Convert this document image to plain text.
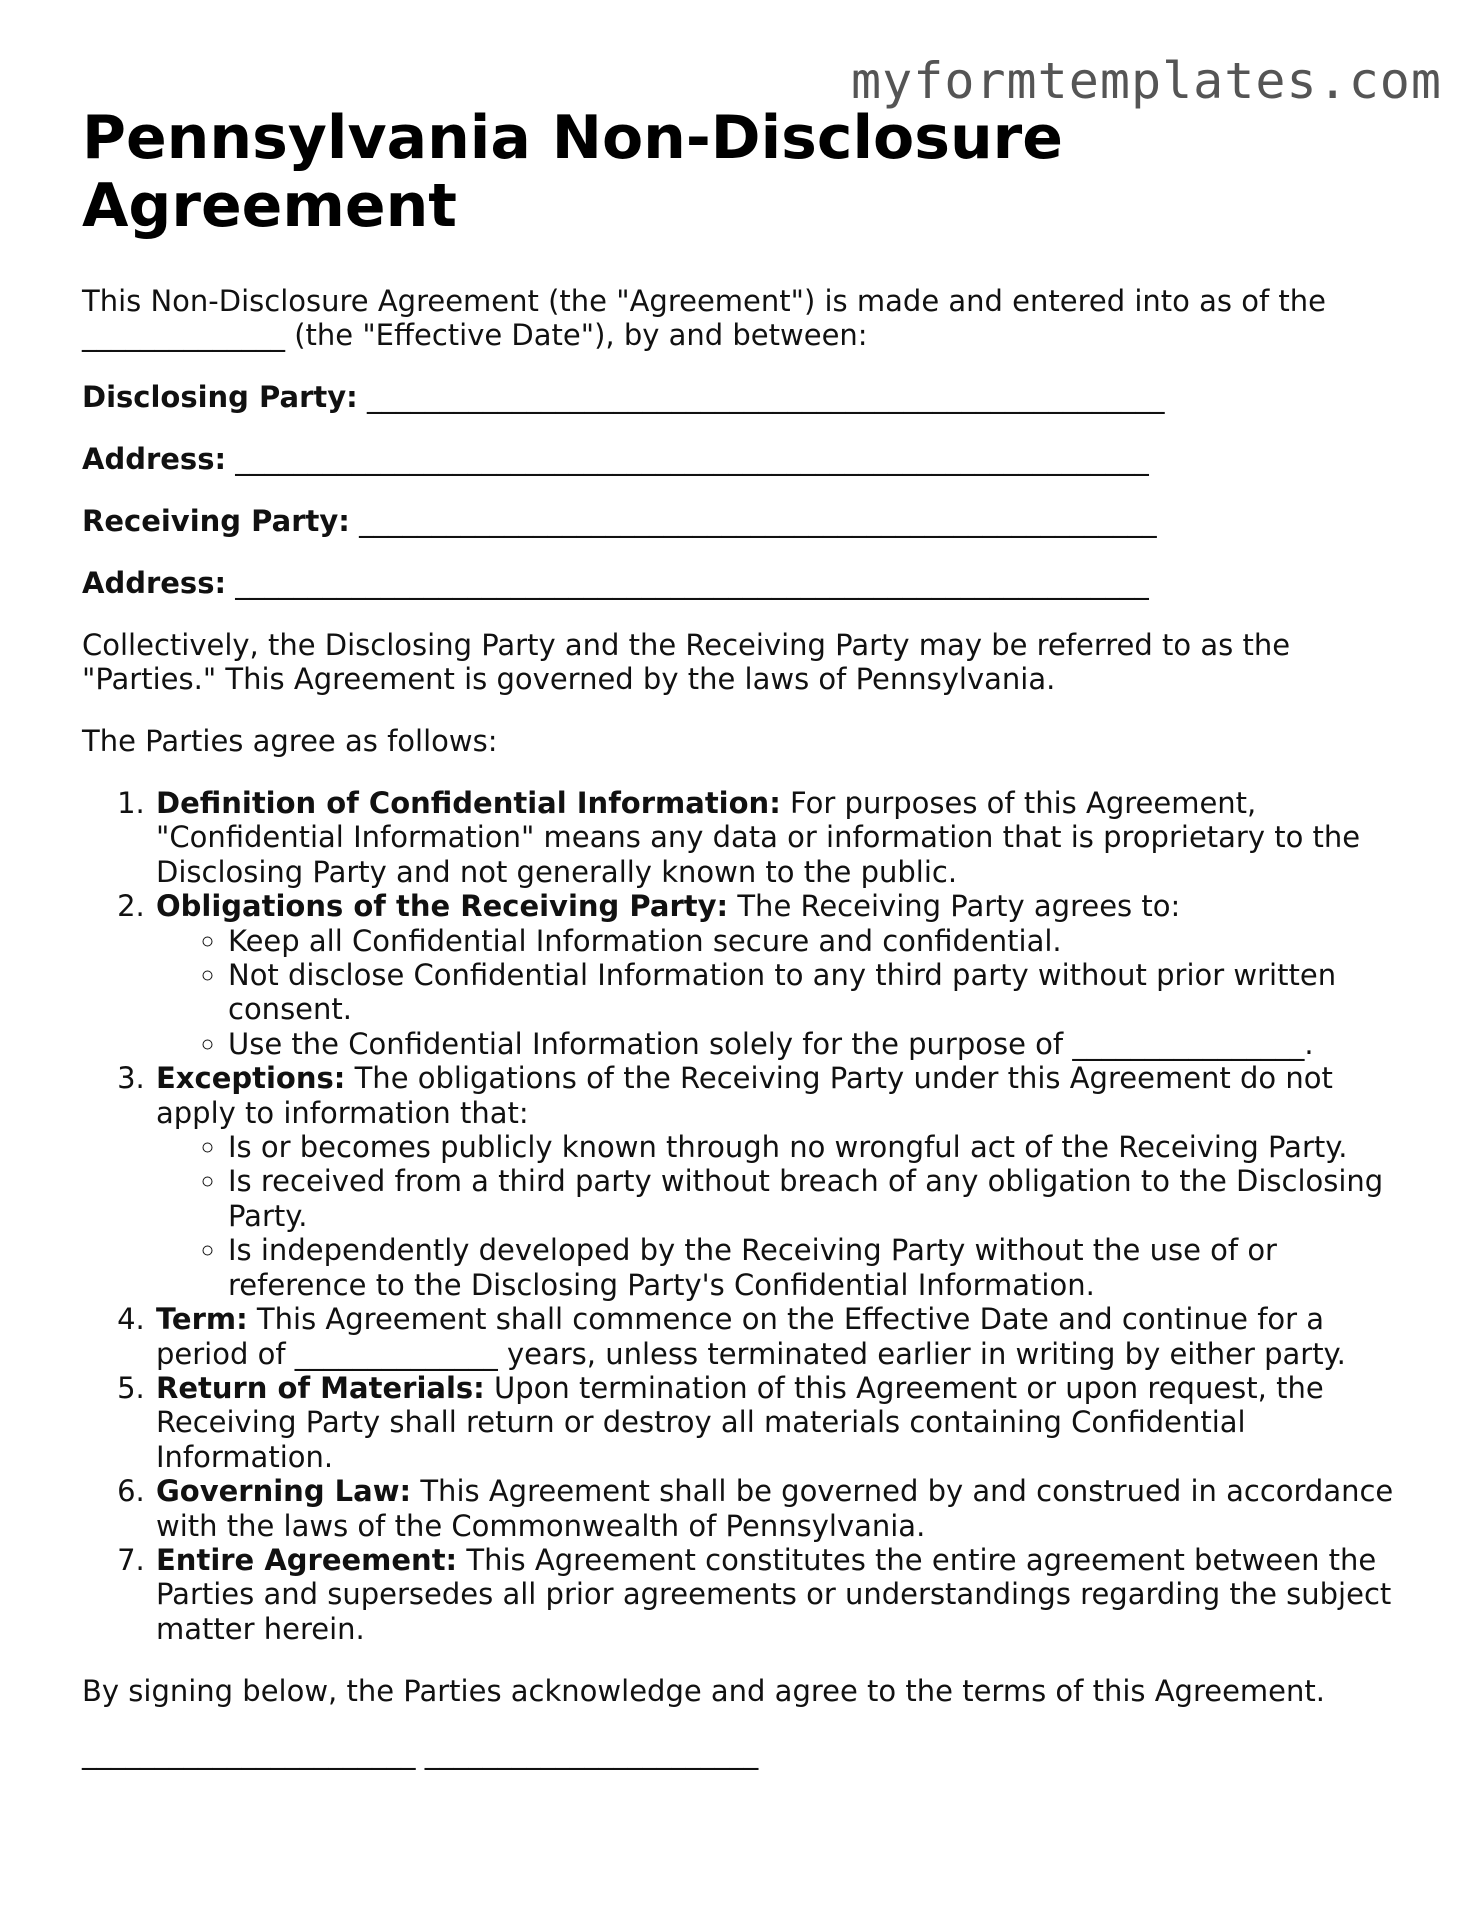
myformtemplates.com
Pennsylvania Non-Disclosure Agreement

This Non-Disclosure Agreement (the "Agreement") is made and entered into as of the ______________ (the "Effective Date"), by and between:

Disclosing Party: _______________________________________________________
Address: _______________________________________________________________
Receiving Party: _______________________________________________________
Address: _______________________________________________________________

Collectively, the Disclosing Party and the Receiving Party may be referred to as the "Parties." This Agreement is governed by the laws of Pennsylvania.

The Parties agree as follows:

1. Definition of Confidential Information: For purposes of this Agreement, "Confidential Information" means any data or information that is proprietary to the Disclosing Party and not generally known to the public.
2. Obligations of the Receiving Party: The Receiving Party agrees to:
◦ Keep all Confidential Information secure and confidential.
◦ Not disclose Confidential Information to any third party without prior written consent.
◦ Use the Confidential Information solely for the purpose of ________________.
3. Exceptions: The obligations of the Receiving Party under this Agreement do not apply to information that:
◦ Is or becomes publicly known through no wrongful act of the Receiving Party.
◦ Is received from a third party without breach of any obligation to the Disclosing Party.
◦ Is independently developed by the Receiving Party without the use of or reference to the Disclosing Party's Confidential Information.
4. Term: This Agreement shall commence on the Effective Date and continue for a period of ______________ years, unless terminated earlier in writing by either party.
5. Return of Materials: Upon termination of this Agreement or upon request, the Receiving Party shall return or destroy all materials containing Confidential Information.
6. Governing Law: This Agreement shall be governed by and construed in accordance with the laws of the Commonwealth of Pennsylvania.
7. Entire Agreement: This Agreement constitutes the entire agreement between the Parties and supersedes all prior agreements or understandings regarding the subject matter herein.

By signing below, the Parties acknowledge and agree to the terms of this Agreement.

_______________________ _______________________
